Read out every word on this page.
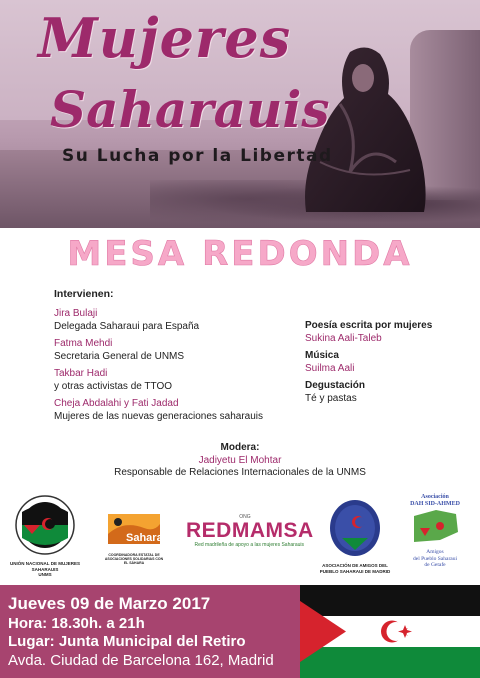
Mujeres
Saharauis
Su Lucha por la Libertad
MESA REDONDA
Intervienen:
Jira Bulaji
Delegada Saharaui para España
Fatma Mehdi
Secretaria General de UNMS
Takbar Hadi
y otras activistas de TTOO
Cheja Abdalahi y Fati Jadad
Mujeres de las nuevas generaciones saharauis
Poesía escrita por mujeres
Sukina Aali-Taleb
Música
Suilma Aali
Degustación
Té y pastas
Modera:
Jadiyetu El Mohtar
Responsable de Relaciones Internacionales de la UNMS
UNIÓN NACIONAL DE MUJERES SAHARAUIS
UNMS
Sahara
COORDINADORA ESTATAL DE ASOCIACIONES SOLIDARIAS CON EL SÁHARA
ONG
REDMAMSA
Red madrileña de apoyo a las mujeres Saharauis
ASOCIACIÓN DE AMIGOS DEL PUEBLO SAHARAUI DE MADRID
Asociación
DAH SID-AHMED
Amigos
del Pueblo Saharaui
de Getafe
Jueves 09 de Marzo 2017
Hora: 18.30h. a 21h
Lugar: Junta Municipal del Retiro
Avda. Ciudad de Barcelona 162, Madrid
